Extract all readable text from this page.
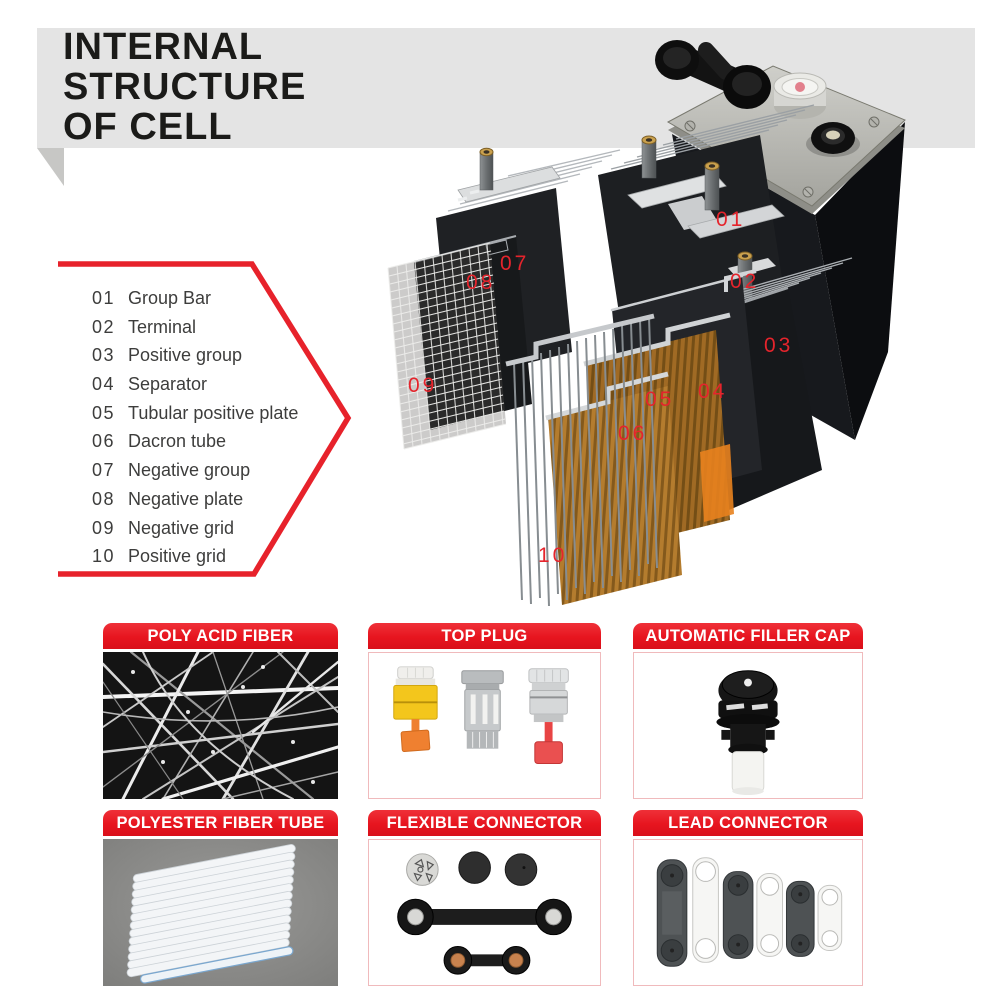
INTERNAL
STRUCTURE
OF CELL
01 Group Bar
02 Terminal
03 Positive group
04 Separator
05 Tubular positive plate
06 Dacron tube
07 Negative group
08 Negative plate
09 Negative grid
10 Positive grid
01
02
03
04
05
06
07
08
09
10
POLY ACID FIBER	TOP PLUG	AUTOMATIC FILLER CAP
POLYESTER FIBER TUBE	FLEXIBLE CONNECTOR	LEAD CONNECTOR
